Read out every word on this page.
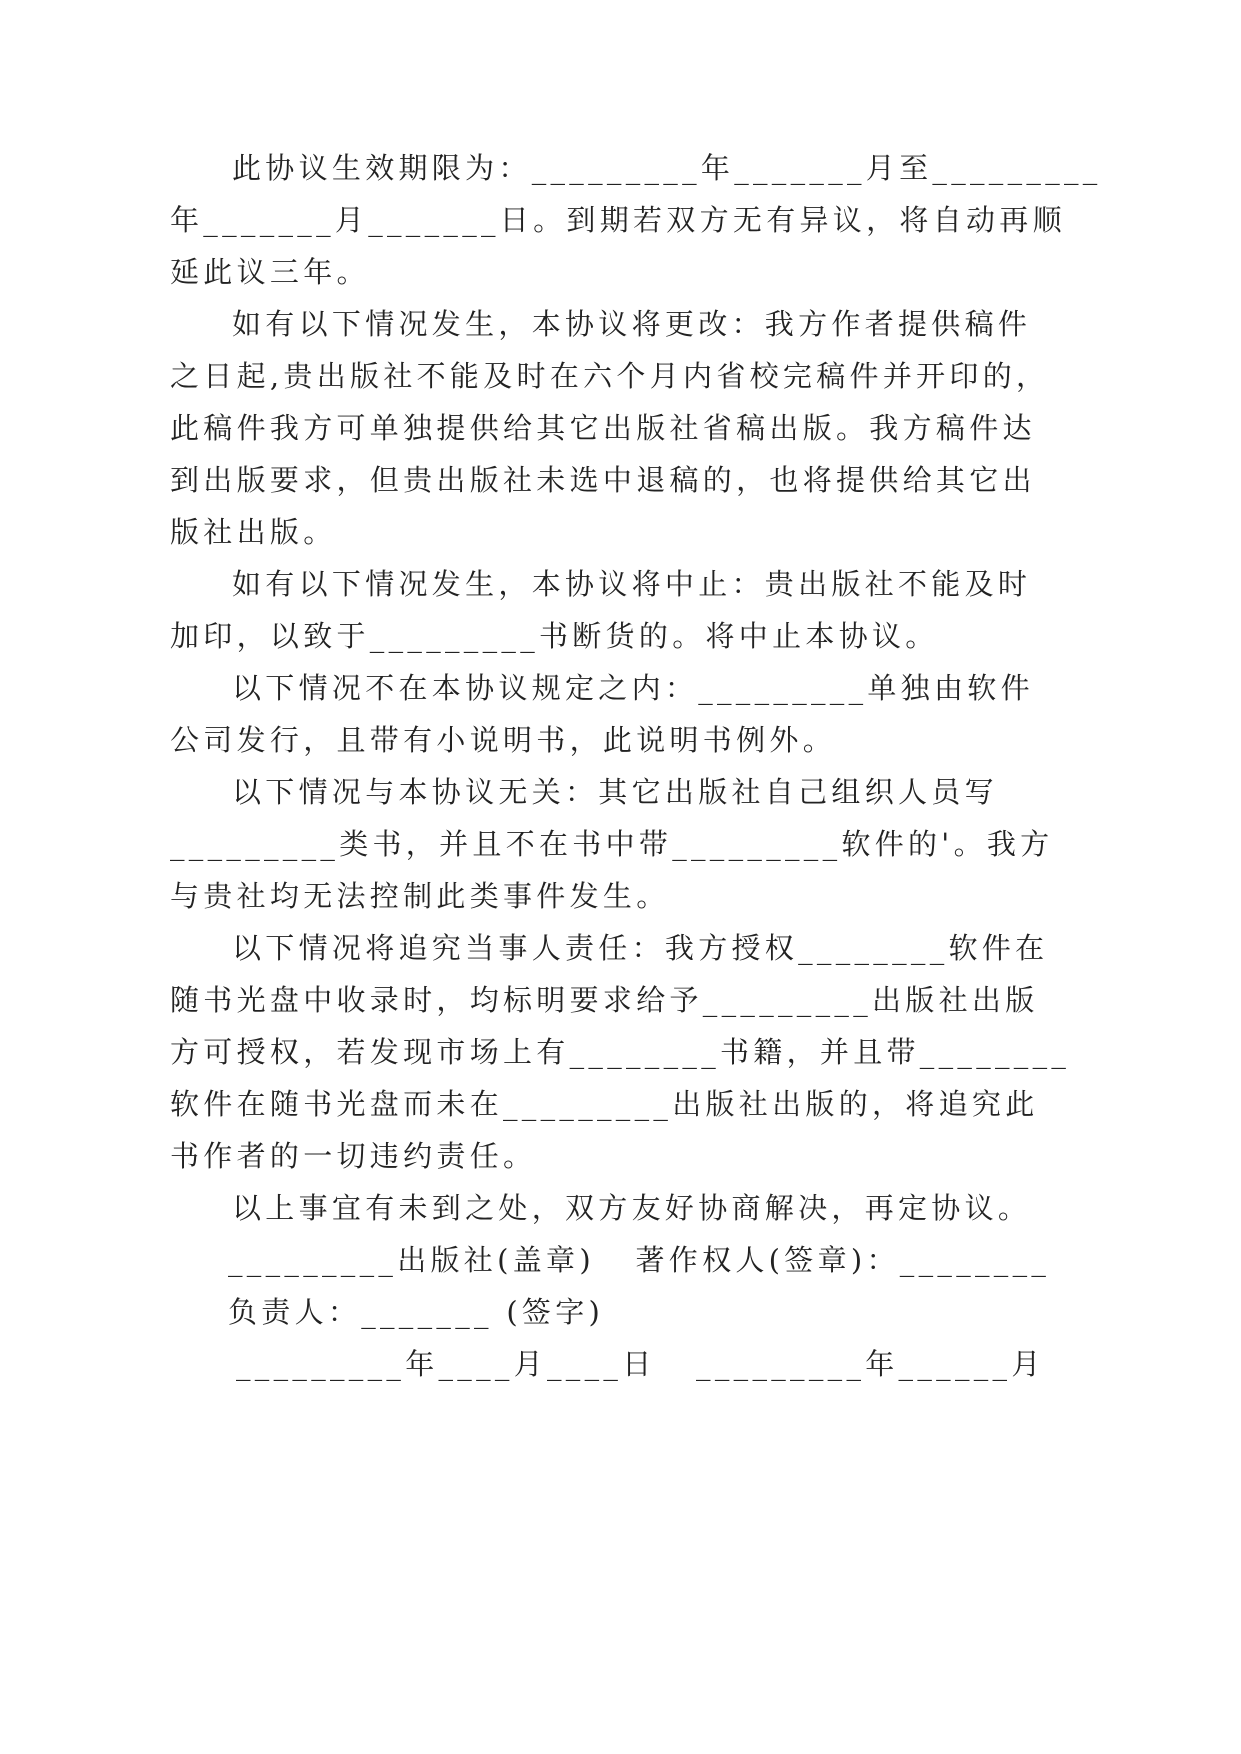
此协议生效期限为：_________年_______月至_________
年_______月_______日。到期若双方无有异议，将自动再顺
延此议三年。
如有以下情况发生，本协议将更改：我方作者提供稿件
之日起,贵出版社不能及时在六个月内省校完稿件并开印的，
此稿件我方可单独提供给其它出版社省稿出版。我方稿件达
到出版要求，但贵出版社未选中退稿的，也将提供给其它出
版社出版。
如有以下情况发生，本协议将中止：贵出版社不能及时
加印，以致于_________书断货的。将中止本协议。
以下情况不在本协议规定之内：_________单独由软件
公司发行，且带有小说明书，此说明书例外。
以下情况与本协议无关：其它出版社自己组织人员写
_________类书，并且不在书中带_________软件的'。我方
与贵社均无法控制此类事件发生。
以下情况将追究当事人责任：我方授权________软件在
随书光盘中收录时，均标明要求给予_________出版社出版
方可授权，若发现市场上有________书籍，并且带________
软件在随书光盘而未在_________出版社出版的，将追究此
书作者的一切违约责任。
以上事宜有未到之处，双方友好协商解决，再定协议。
_________出版社(盖章)   著作权人(签章)：________
负责人：_______ (签字)
_________年____月____日   _________年______月
